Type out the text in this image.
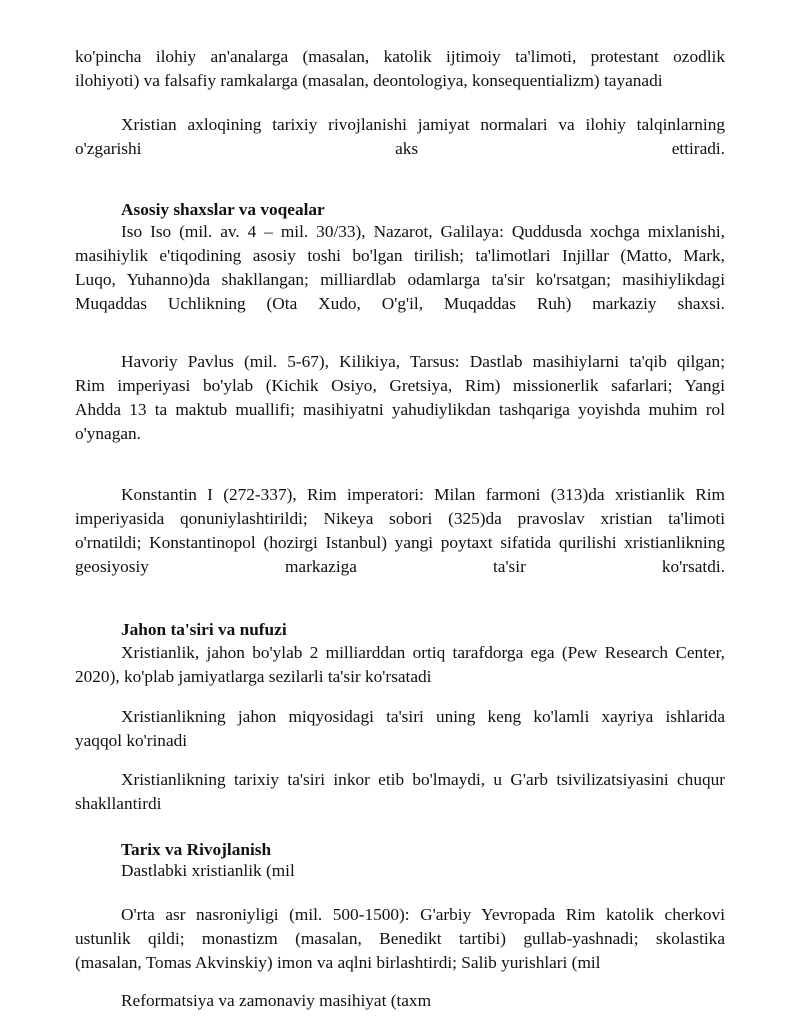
ko'pincha ilohiy an'analarga (masalan, katolik ijtimoiy ta'limoti, protestant ozodlik
ilohiyoti) va falsafiy ramkalarga (masalan, deontologiya, konsequentializm) tayanadi
Xristian axloqining tarixiy rivojlanishi jamiyat normalari va ilohiy talqinlarning
o'zgarishi	aks	ettiradi.
Asosiy shaxslar va voqealar
Iso Iso (mil. av. 4 – mil. 30/33), Nazarot, Galilaya: Quddusda xochga mixlanishi,
masihiylik e'tiqodining asosiy toshi bo'lgan tirilish; ta'limotlari Injillar (Matto, Mark,
Luqo, Yuhanno)da shakllangan; milliardlab odamlarga ta'sir ko'rsatgan; masihiylikdagi
Muqaddas Uchlikning (Ota Xudo, O'g'il, Muqaddas Ruh) markaziy shaxsi.
Havoriy Pavlus (mil. 5-67), Kilikiya, Tarsus: Dastlab masihiylarni ta'qib qilgan;
Rim imperiyasi bo'ylab (Kichik Osiyo, Gretsiya, Rim) missionerlik safarlari; Yangi
Ahdda 13 ta maktub muallifi; masihiyatni yahudiylikdan tashqariga yoyishda muhim rol
o'ynagan.
Konstantin I (272-337), Rim imperatori: Milan farmoni (313)da xristianlik Rim
imperiyasida qonuniylashtirildi; Nikeya sobori (325)da pravoslav xristian ta'limoti
o'rnatildi; Konstantinopol (hozirgi Istanbul) yangi poytaxt sifatida qurilishi xristianlikning
geosiyosiy	markaziga	ta'sir	ko'rsatdi.
Jahon ta'siri va nufuzi
Xristianlik, jahon bo'ylab 2 milliarddan ortiq tarafdorga ega (Pew Research Center,
2020), ko'plab jamiyatlarga sezilarli ta'sir ko'rsatadi
Xristianlikning jahon miqyosidagi ta'siri uning keng ko'lamli xayriya ishlarida
yaqqol ko'rinadi
Xristianlikning tarixiy ta'siri inkor etib bo'lmaydi, u G'arb tsivilizatsiyasini chuqur
shakllantirdi
Tarix va Rivojlanish
Dastlabki xristianlik (mil
O'rta asr nasroniyligi (mil. 500-1500): G'arbiy Yevropada Rim katolik cherkovi
ustunlik qildi; monastizm (masalan, Benedikt tartibi) gullab-yashnadi; skolastika
(masalan, Tomas Akvinskiy) imon va aqlni birlashtirdi; Salib yurishlari (mil
Reformatsiya va zamonaviy masihiyat (taxm
